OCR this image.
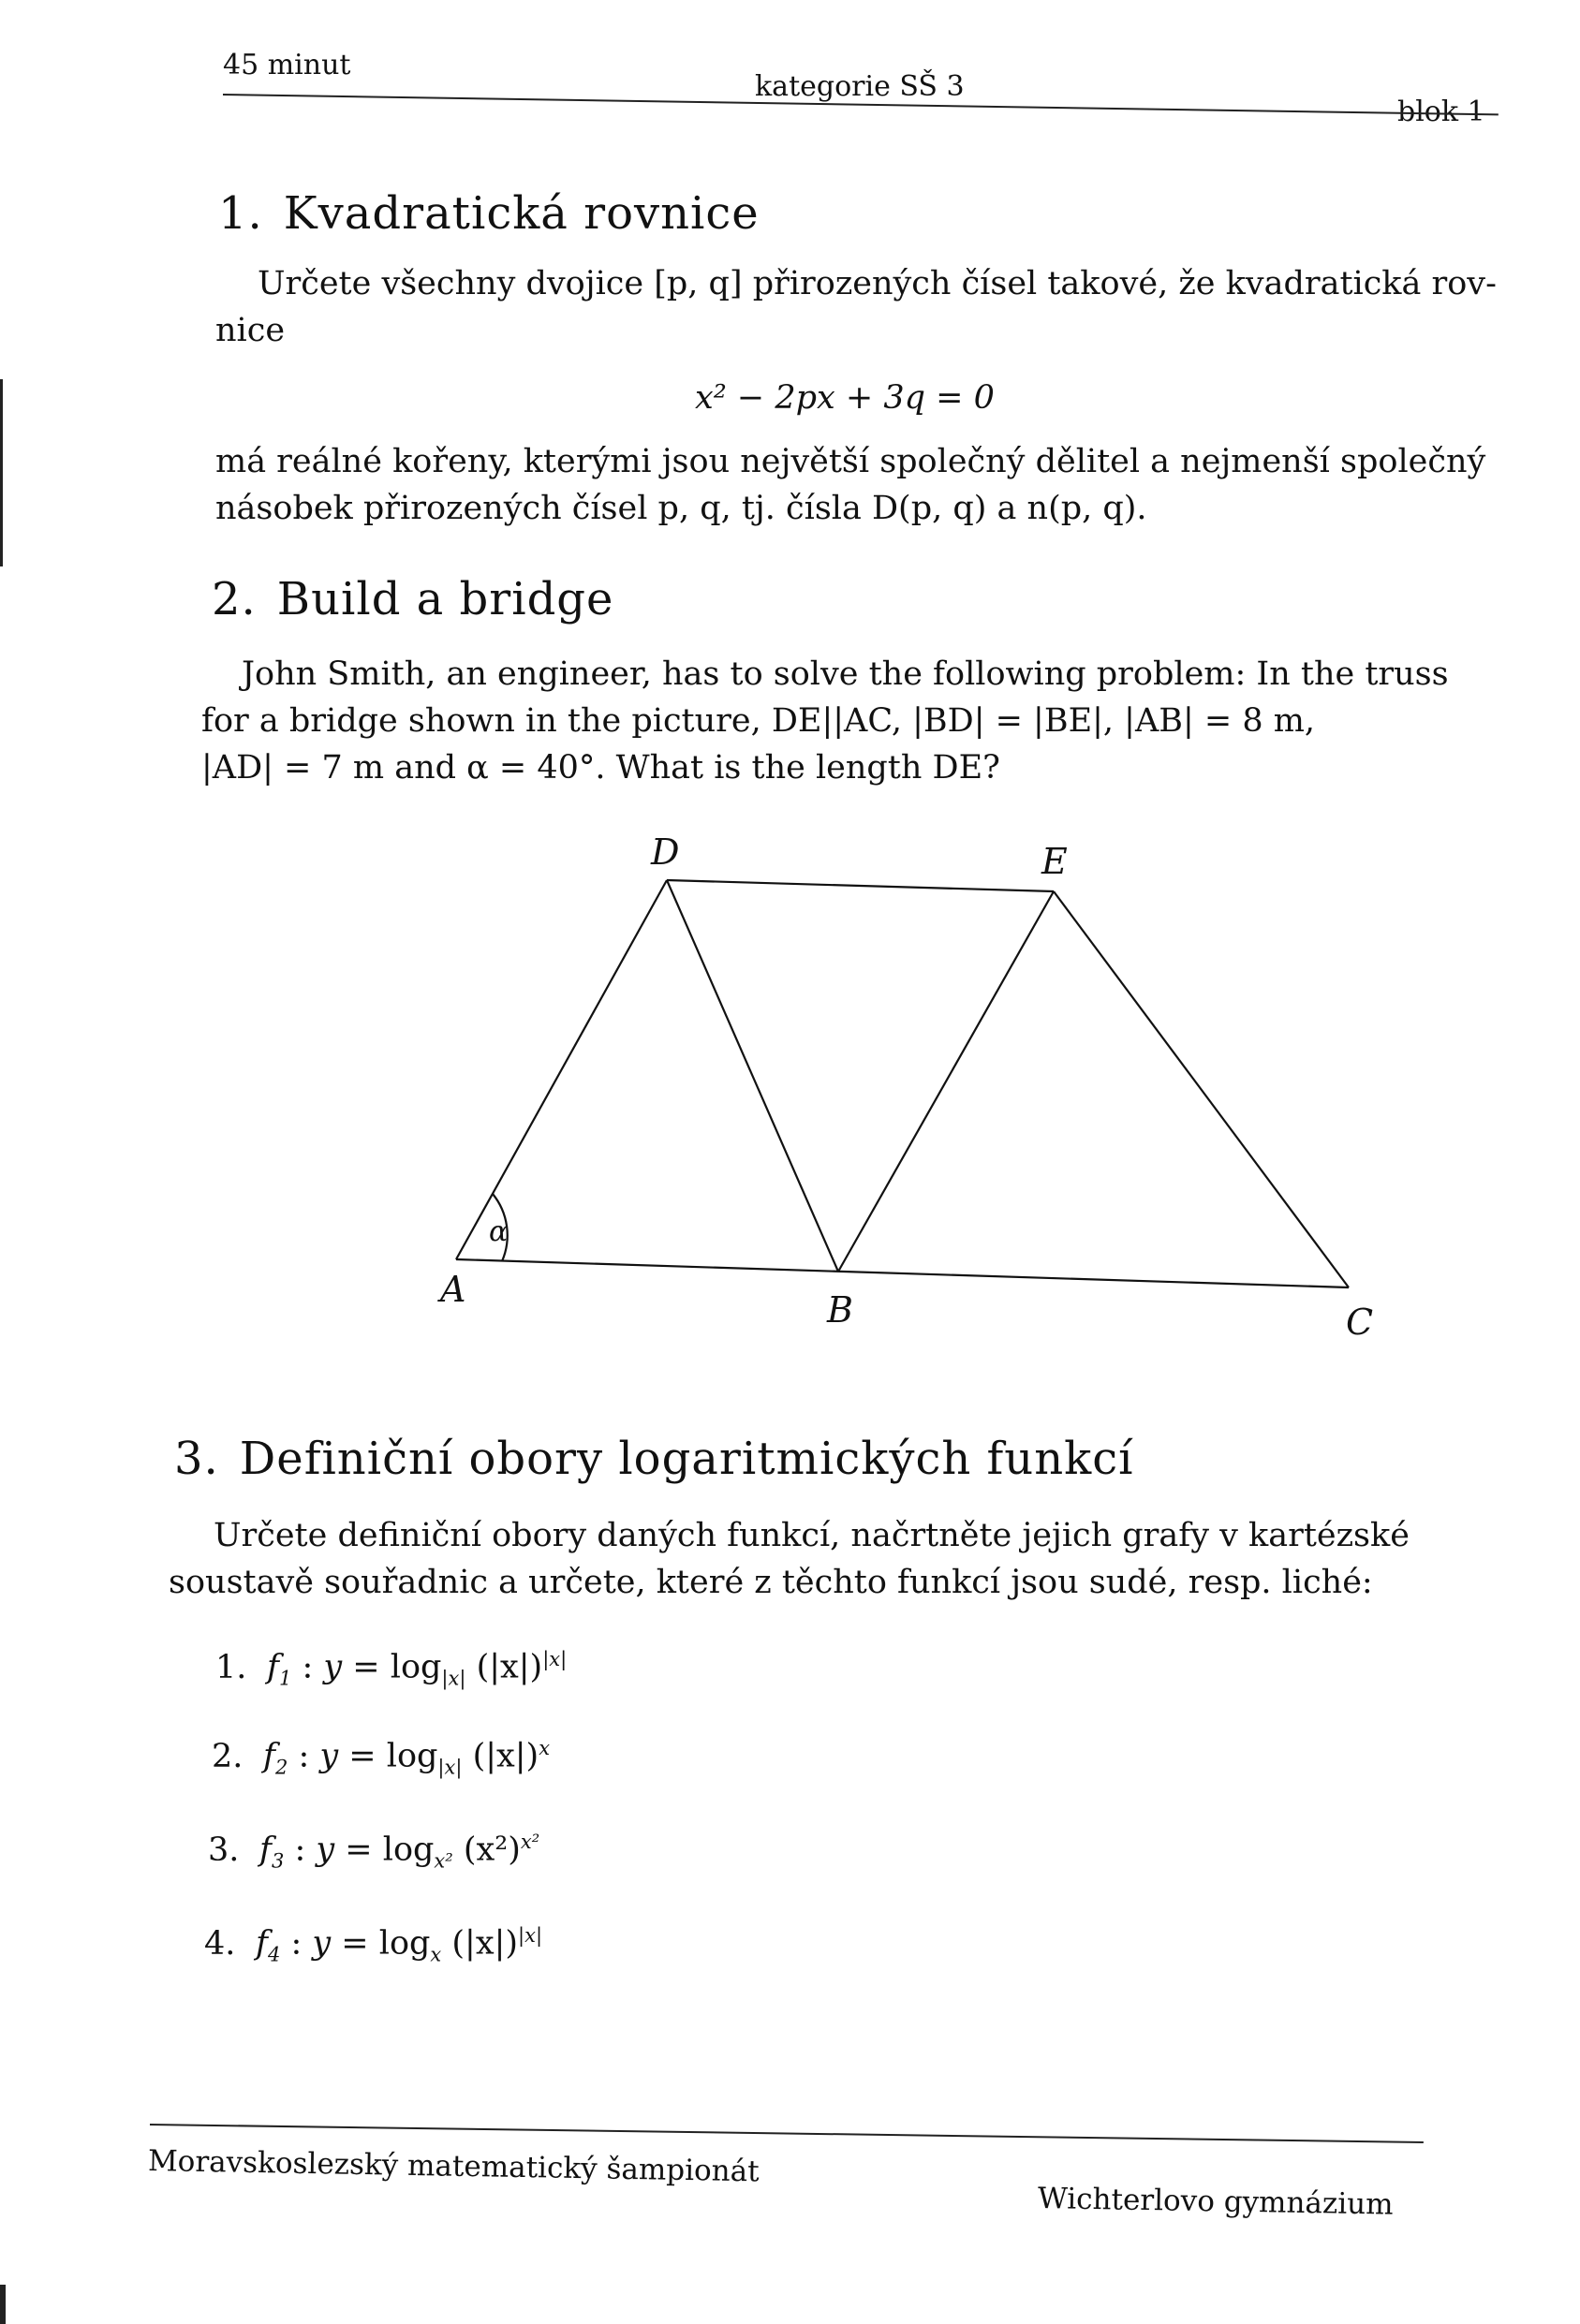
45 minut
kategorie SŠ 3
blok 1
1. Kvadratická rovnice
Určete všechny dvojice [p, q] přirozených čísel takové, že kvadratická rov-
nice
x² − 2px + 3q = 0
má reálné kořeny, kterými jsou největší společný dělitel a nejmenší společný
násobek přirozených čísel p, q, tj. čísla D(p, q) a n(p, q).
2. Build a bridge
John Smith, an engineer, has to solve the following problem: In the truss
for a bridge shown in the picture, DE||AC, |BD| = |BE|, |AB| = 8 m,
|AD| = 7 m and α = 40°. What is the length DE?
D	E
A	B	C
α
3. Definiční obory logaritmických funkcí
Určete definiční obory daných funkcí, načrtněte jejich grafy v kartézské
soustavě souřadnic a určete, které z těchto funkcí jsou sudé, resp. liché:
1. $f_1$ : $y = \log_{|x|} (|x|)^{|x|}$
2. $f_2$ : $y = \log_{|x|} (|x|)^x$
3. $f_3$ : $y = \log_{x^2} (x^2)^{x^2}$
4. $f_4$ : $y = \log_x (|x|)^{|x|}$
Moravskoslezský matematický šampionát
Wichterlovo gymnázium
